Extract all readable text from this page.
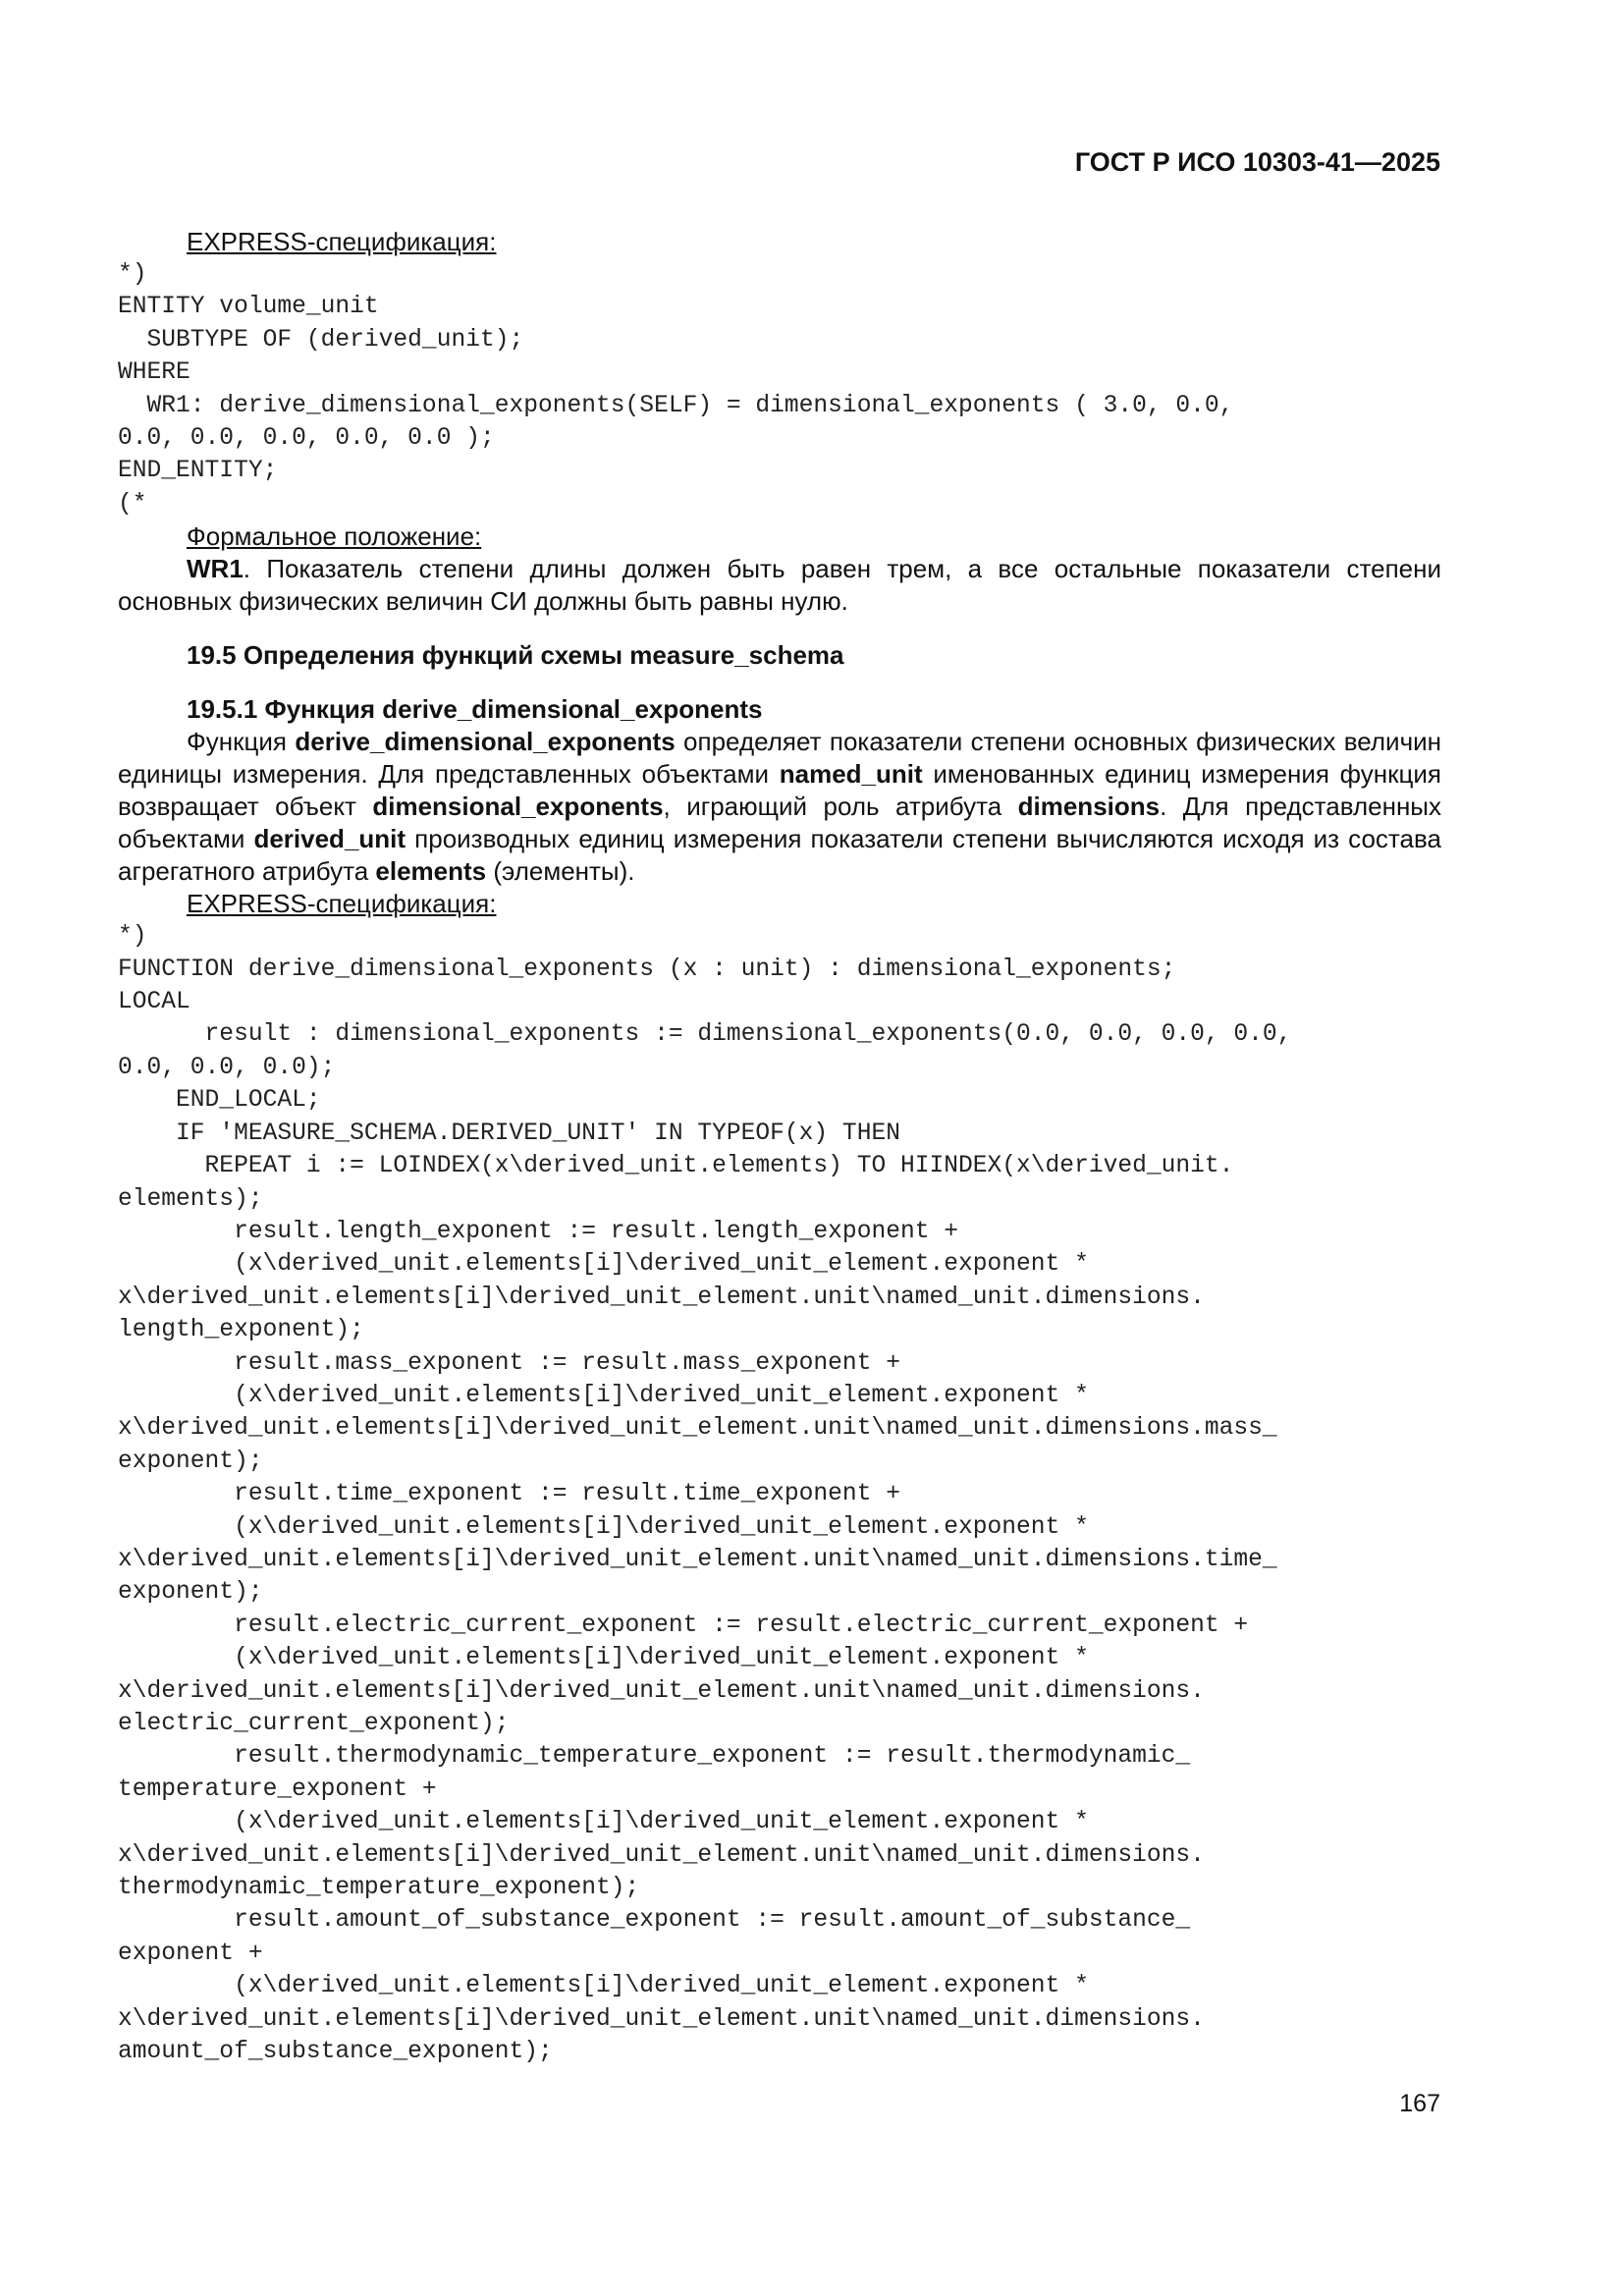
ГОСТ Р ИСО 10303-41—2025
EXPRESS-спецификация:
*)
ENTITY volume_unit
SUBTYPE OF (derived_unit);
WHERE
WR1: derive_dimensional_exponents(SELF) = dimensional_exponents ( 3.0, 0.0,
0.0, 0.0, 0.0, 0.0, 0.0 );
END_ENTITY;
(*
Формальное положение:

WR1. Показатель степени длины должен быть равен трем, а все остальные показатели степени основных физических величин СИ должны быть равны нулю.

19.5 Определения функций схемы measure_schema
19.5.1 Функция derive_dimensional_exponents

Функция derive_dimensional_exponents определяет показатели степени основных физических величин единицы измерения. Для представленных объектами named_unit именованных единиц измерения функция возвращает объект dimensional_exponents, играющий роль атрибута dimensions. Для представленных объектами derived_unit производных единиц измерения показатели степени вычисляются исходя из состава агрегатного атрибута elements (элементы).

EXPRESS-спецификация:
*)
FUNCTION derive_dimensional_exponents (x : unit) : dimensional_exponents;
LOCAL
result : dimensional_exponents := dimensional_exponents(0.0, 0.0, 0.0, 0.0,
0.0, 0.0, 0.0);
END_LOCAL;
IF 'MEASURE_SCHEMA.DERIVED_UNIT' IN TYPEOF(x) THEN
REPEAT i := LOINDEX(x\derived_unit.elements) TO HIINDEX(x\derived_unit.
elements);
result.length_exponent := result.length_exponent +
(x\derived_unit.elements[i]\derived_unit_element.exponent *
x\derived_unit.elements[i]\derived_unit_element.unit\named_unit.dimensions.
length_exponent);
result.mass_exponent := result.mass_exponent +
(x\derived_unit.elements[i]\derived_unit_element.exponent *
x\derived_unit.elements[i]\derived_unit_element.unit\named_unit.dimensions.mass_
exponent);
result.time_exponent := result.time_exponent +
(x\derived_unit.elements[i]\derived_unit_element.exponent *
x\derived_unit.elements[i]\derived_unit_element.unit\named_unit.dimensions.time_
exponent);
result.electric_current_exponent := result.electric_current_exponent +
(x\derived_unit.elements[i]\derived_unit_element.exponent *
x\derived_unit.elements[i]\derived_unit_element.unit\named_unit.dimensions.
electric_current_exponent);
result.thermodynamic_temperature_exponent := result.thermodynamic_
temperature_exponent +
(x\derived_unit.elements[i]\derived_unit_element.exponent *
x\derived_unit.elements[i]\derived_unit_element.unit\named_unit.dimensions.
thermodynamic_temperature_exponent);
result.amount_of_substance_exponent := result.amount_of_substance_
exponent +
(x\derived_unit.elements[i]\derived_unit_element.exponent *
x\derived_unit.elements[i]\derived_unit_element.unit\named_unit.dimensions.
amount_of_substance_exponent);
167
